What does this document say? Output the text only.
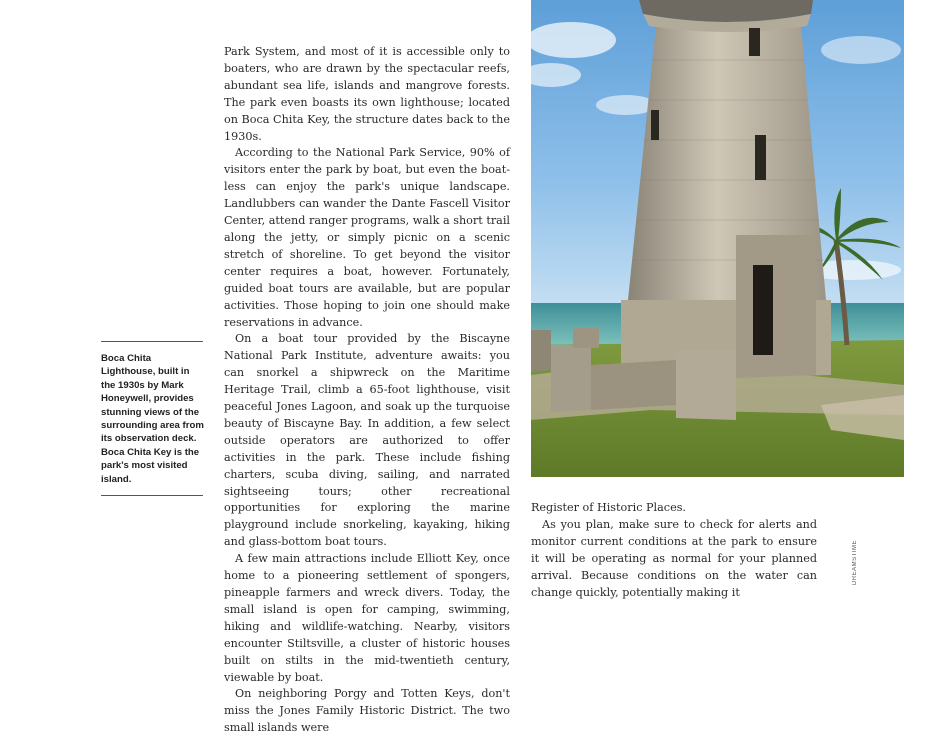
Boca Chita Lighthouse, built in the 1930s by Mark Honeywell, provides stunning views of the surrounding area from its observation deck. Boca Chita Key is the park's most visited island.

Park System, and most of it is accessible only to boaters, who are drawn by the spectacular reefs, abundant sea life, islands and mangrove forests. The park even boasts its own lighthouse; located on Boca Chita Key, the structure dates back to the 1930s.

According to the National Park Service, 90% of visitors enter the park by boat, but even the boat-less can enjoy the park's unique landscape. Landlubbers can wander the Dante Fascell Visitor Center, attend ranger programs, walk a short trail along the jetty, or simply picnic on a scenic stretch of shoreline. To get beyond the visitor center requires a boat, however. Fortunately, guided boat tours are available, but are popular activities. Those hoping to join one should make reservations in advance.

On a boat tour provided by the Biscayne National Park Institute, adventure awaits: you can snorkel a shipwreck on the Maritime Heritage Trail, climb a 65-foot lighthouse, visit peaceful Jones Lagoon, and soak up the turquoise beauty of Biscayne Bay. In addition, a few select outside operators are authorized to offer activities in the park. These include fishing charters, scuba diving, sailing, and narrated sightseeing tours; other recreational opportunities for exploring the marine playground include snorkeling, kayaking, hiking and glass-bottom boat tours.

A few main attractions include Elliott Key, once home to a pioneering settlement of spongers, pineapple farmers and wreck divers. Today, the small island is open for camping, swimming, hiking and wildlife-watching. Nearby, visitors encounter Stiltsville, a cluster of historic houses built on stilts in the mid-twentieth century, viewable by boat.

On neighboring Porgy and Totten Keys, don't miss the Jones Family Historic District. The two small islands were

Register of Historic Places.

As you plan, make sure to check for alerts and monitor current conditions at the park to ensure it will be operating as normal for your planned arrival. Because conditions on the water can change quickly, potentially making it

DREAMSTIME
